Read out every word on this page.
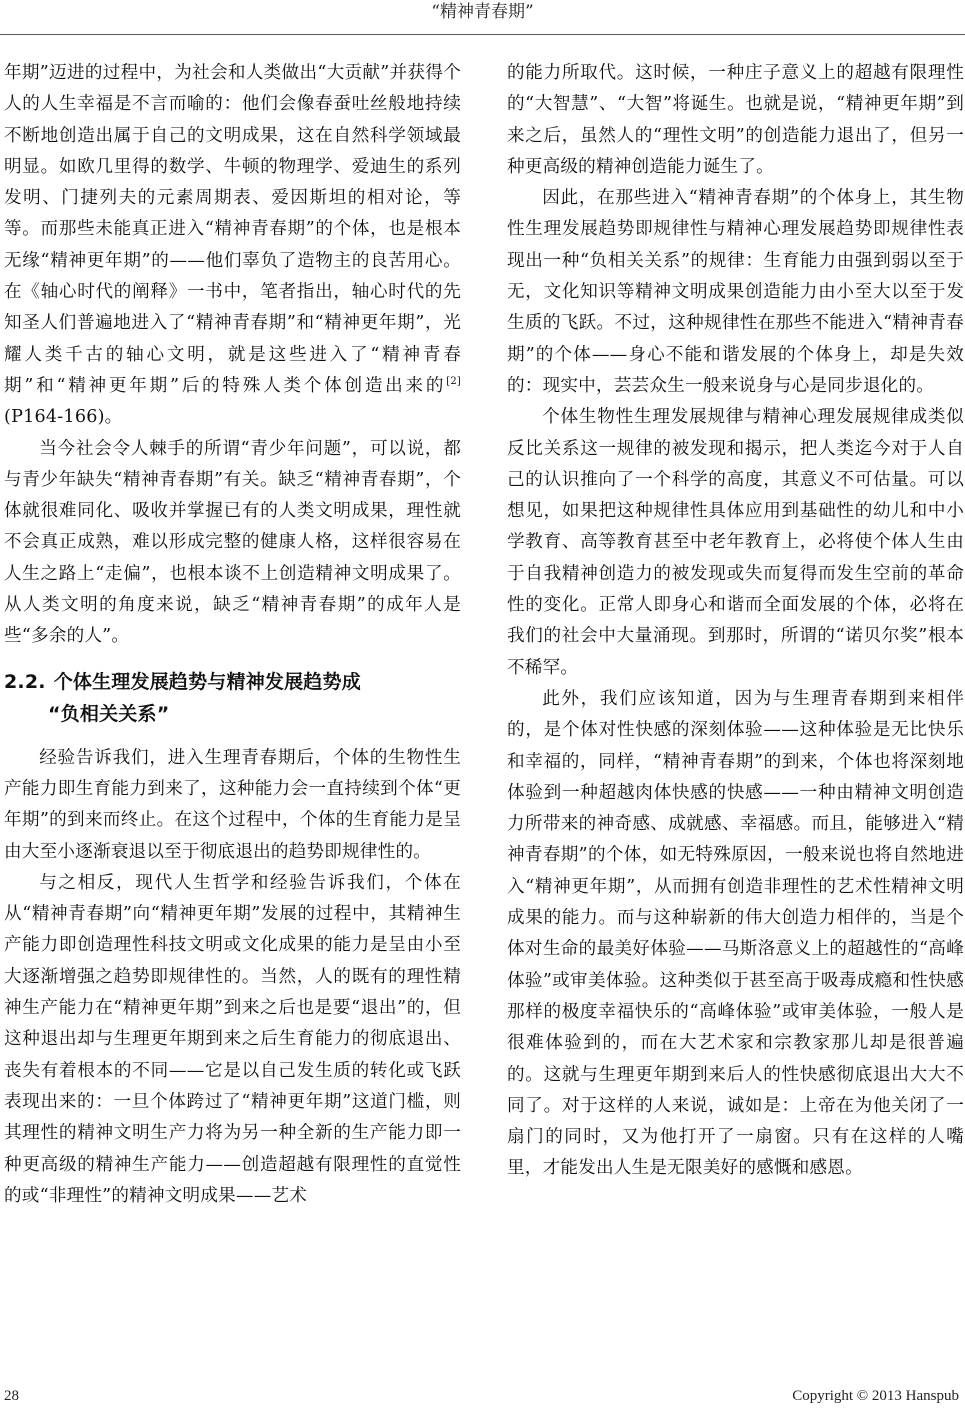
“精神青春期”

年期”迈进的过程中，为社会和人类做出“大贡献”并获得个人的人生幸福是不言而喻的：他们会像春蚕吐丝般地持续不断地创造出属于自己的文明成果，这在自然科学领域最明显。如欧几里得的数学、牛顿的物理学、爱迪生的系列发明、门捷列夫的元素周期表、爱因斯坦的相对论，等等。而那些未能真正进入“精神青春期”的个体，也是根本无缘“精神更年期”的——他们辜负了造物主的良苦用心。在《轴心时代的阐释》一书中，笔者指出，轴心时代的先知圣人们普遍地进入了“精神青春期”和“精神更年期”，光耀人类千古的轴心文明，就是这些进入了“精神青春期”和“精神更年期”后的特殊人类个体创造出来的[2](P164-166)。

当今社会令人棘手的所谓“青少年问题”，可以说，都与青少年缺失“精神青春期”有关。缺乏“精神青春期”，个体就很难同化、吸收并掌握已有的人类文明成果，理性就不会真正成熟，难以形成完整的健康人格，这样很容易在人生之路上“走偏”，也根本谈不上创造精神文明成果了。从人类文明的角度来说，缺乏“精神青春期”的成年人是些“多余的人”。

2.2. 个体生理发展趋势与精神发展趋势成
“负相关关系”

经验告诉我们，进入生理青春期后，个体的生物性生产能力即生育能力到来了，这种能力会一直持续到个体“更年期”的到来而终止。在这个过程中，个体的生育能力是呈由大至小逐渐衰退以至于彻底退出的趋势即规律性的。

与之相反，现代人生哲学和经验告诉我们，个体在从“精神青春期”向“精神更年期”发展的过程中，其精神生产能力即创造理性科技文明或文化成果的能力是呈由小至大逐渐增强之趋势即规律性的。当然，人的既有的理性精神生产能力在“精神更年期”到来之后也是要“退出”的，但这种退出却与生理更年期到来之后生育能力的彻底退出、丧失有着根本的不同——它是以自己发生质的转化或飞跃表现出来的：一旦个体跨过了“精神更年期”这道门槛，则其理性的精神文明生产力将为另一种全新的生产能力即一种更高级的精神生产能力——创造超越有限理性的直觉性的或“非理性”的精神文明成果——艺术

的能力所取代。这时候，一种庄子意义上的超越有限理性的“大智慧”、“大智”将诞生。也就是说，“精神更年期”到来之后，虽然人的“理性文明”的创造能力退出了，但另一种更高级的精神创造能力诞生了。

因此，在那些进入“精神青春期”的个体身上，其生物性生理发展趋势即规律性与精神心理发展趋势即规律性表现出一种“负相关关系”的规律：生育能力由强到弱以至于无，文化知识等精神文明成果创造能力由小至大以至于发生质的飞跃。不过，这种规律性在那些不能进入“精神青春期”的个体——身心不能和谐发展的个体身上，却是失效的：现实中，芸芸众生一般来说身与心是同步退化的。

个体生物性生理发展规律与精神心理发展规律成类似反比关系这一规律的被发现和揭示，把人类迄今对于人自己的认识推向了一个科学的高度，其意义不可估量。可以想见，如果把这种规律性具体应用到基础性的幼儿和中小学教育、高等教育甚至中老年教育上，必将使个体人生由于自我精神创造力的被发现或失而复得而发生空前的革命性的变化。正常人即身心和谐而全面发展的个体，必将在我们的社会中大量涌现。到那时，所谓的“诺贝尔奖”根本不稀罕。

此外，我们应该知道，因为与生理青春期到来相伴的，是个体对性快感的深刻体验——这种体验是无比快乐和幸福的，同样，“精神青春期”的到来，个体也将深刻地体验到一种超越肉体快感的快感——一种由精神文明创造力所带来的神奇感、成就感、幸福感。而且，能够进入“精神青春期”的个体，如无特殊原因，一般来说也将自然地进入“精神更年期”，从而拥有创造非理性的艺术性精神文明成果的能力。而与这种崭新的伟大创造力相伴的，当是个体对生命的最美好体验——马斯洛意义上的超越性的“高峰体验”或审美体验。这种类似于甚至高于吸毒成瘾和性快感那样的极度幸福快乐的“高峰体验”或审美体验，一般人是很难体验到的，而在大艺术家和宗教家那儿却是很普遍的。这就与生理更年期到来后人的性快感彻底退出大大不同了。对于这样的人来说，诚如是：上帝在为他关闭了一扇门的同时，又为他打开了一扇窗。只有在这样的人嘴里，才能发出人生是无限美好的感慨和感恩。

28	Copyright © 2013 Hanspub
